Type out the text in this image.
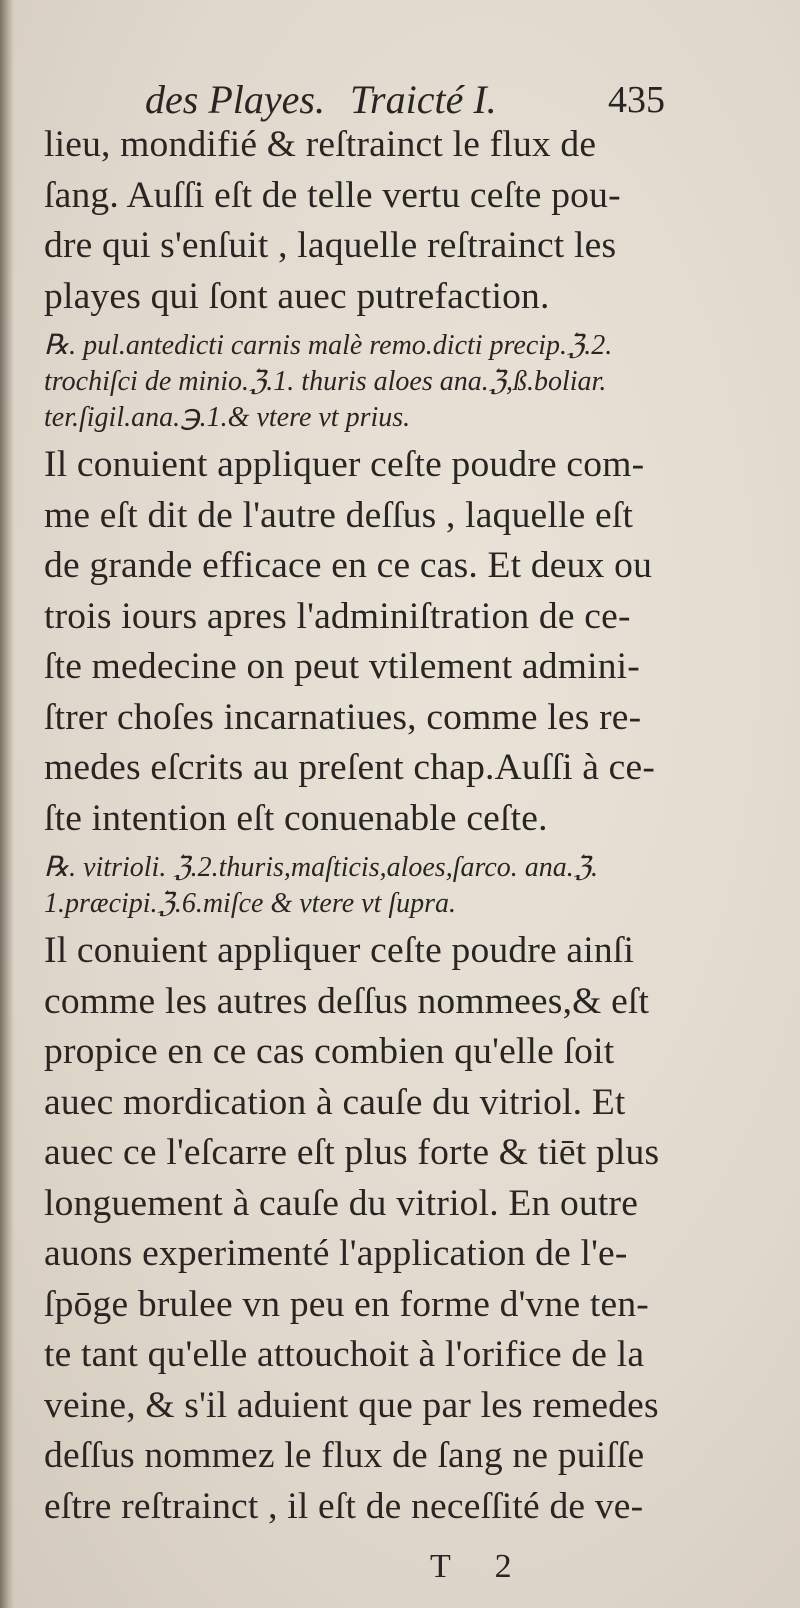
des Playes. Traicté I.	435
lieu, mondifié & reſtrainct le flux de
ſang. Auſſi eſt de telle vertu ceſte pou-
dre qui s'enſuit , laquelle reſtrainct les
playes qui ſont auec putrefaction.
℞. pul.antedicti carnis malè remo.dicti precip.ℨ.2.
trochiſci de minio.ℨ.1. thuris aloes ana.ℨ,ß.boliar.
ter.ſigil.ana.℈.1.& vtere vt prius.
Il conuient appliquer ceſte poudre com-
me eſt dit de l'autre deſſus , laquelle eſt
de grande efficace en ce cas. Et deux ou
trois iours apres l'adminiſtration de ce-
ſte medecine on peut vtilement admini-
ſtrer choſes incarnatiues, comme les re-
medes eſcrits au preſent chap.Auſſi à ce-
ſte intention eſt conuenable ceſte.
℞. vitrioli. ℨ.2.thuris,maſticis,aloes,ſarco. ana.ℨ.
1.præcipi.ℨ.6.miſce & vtere vt ſupra.
Il conuient appliquer ceſte poudre ainſi
comme les autres deſſus nommees,& eſt
propice en ce cas combien qu'elle ſoit
auec mordication à cauſe du vitriol. Et
auec ce l'eſcarre eſt plus forte & tiēt plus
longuement à cauſe du vitriol. En outre
auons experimenté l'application de l'e-
ſpōge brulee vn peu en forme d'vne ten-
te tant qu'elle attouchoit à l'orifice de la
veine, & s'il aduient que par les remedes
deſſus nommez le flux de ſang ne puiſſe
eſtre reſtrainct , il eſt de neceſſité de ve-
T 2
